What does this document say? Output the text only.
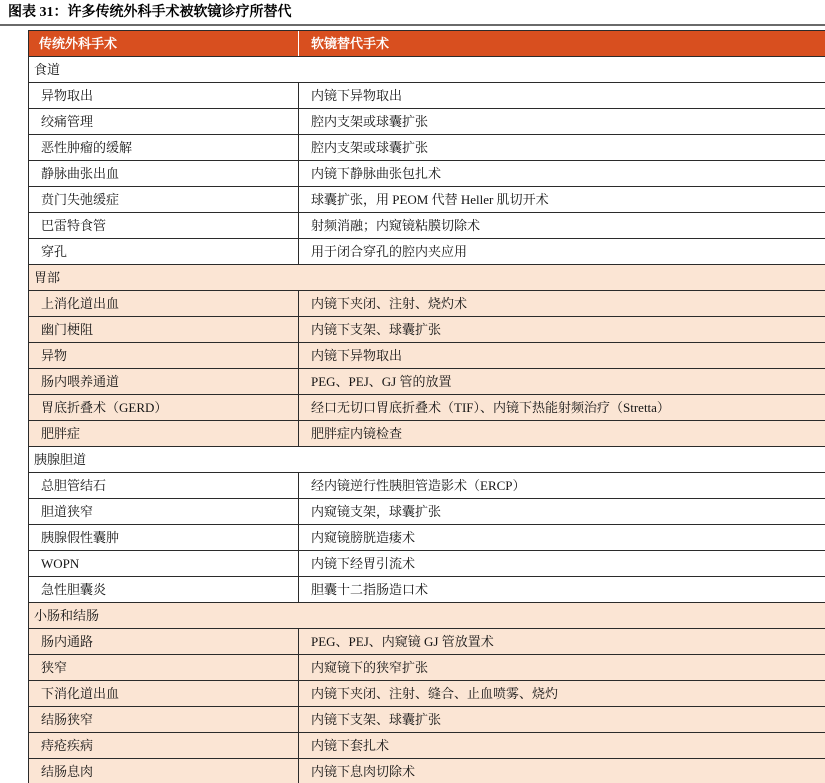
图表 31：许多传统外科手术被软镜诊疗所替代
传统外科手术	软镜替代手术
食道
异物取出	内镜下异物取出
绞痛管理	腔内支架或球囊扩张
恶性肿瘤的缓解	腔内支架或球囊扩张
静脉曲张出血	内镜下静脉曲张包扎术
贲门失弛缓症	球囊扩张，用 PEOM 代替 Heller 肌切开术
巴雷特食管	射频消融；内窥镜粘膜切除术
穿孔	用于闭合穿孔的腔内夹应用
胃部
上消化道出血	内镜下夹闭、注射、烧灼术
幽门梗阻	内镜下支架、球囊扩张
异物	内镜下异物取出
肠内喂养通道	PEG、PEJ、GJ 管的放置
胃底折叠术（GERD）	经口无切口胃底折叠术（TIF）、内镜下热能射频治疗（Stretta）
肥胖症	肥胖症内镜检查
胰腺胆道
总胆管结石	经内镜逆行性胰胆管造影术（ERCP）
胆道狭窄	内窥镜支架，球囊扩张
胰腺假性囊肿	内窥镜膀胱造瘘术
WOPN	内镜下经胃引流术
急性胆囊炎	胆囊十二指肠造口术
小肠和结肠
肠内通路	PEG、PEJ、内窥镜 GJ 管放置术
狭窄	内窥镜下的狭窄扩张
下消化道出血	内镜下夹闭、注射、缝合、止血喷雾、烧灼
结肠狭窄	内镜下支架、球囊扩张
痔疮疾病	内镜下套扎术
结肠息肉	内镜下息肉切除术
